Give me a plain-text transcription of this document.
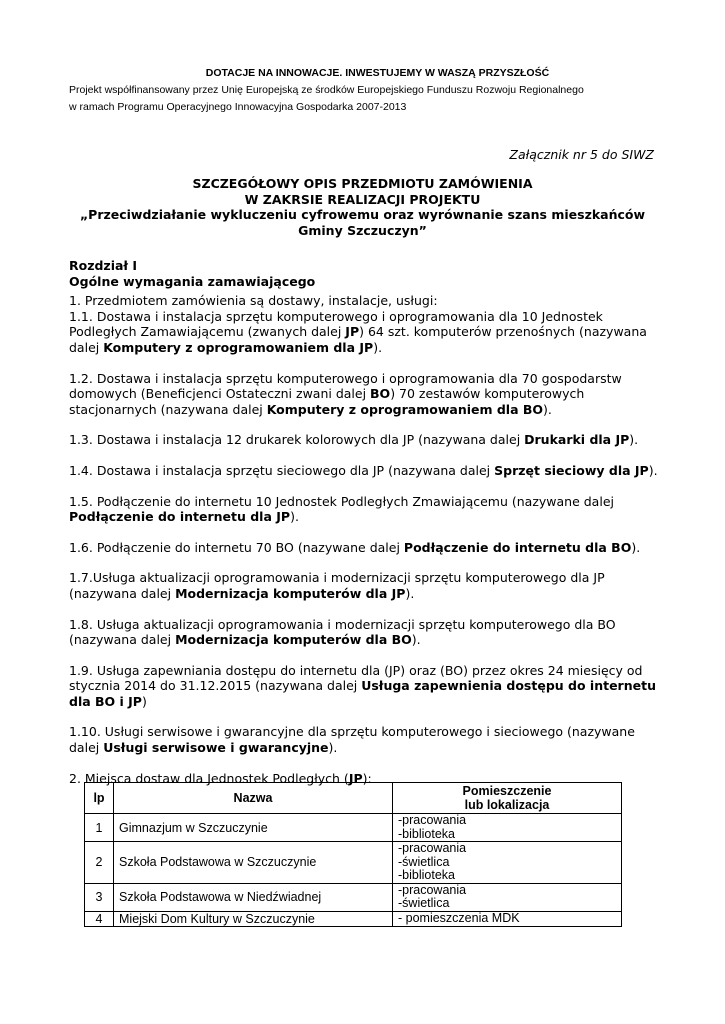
DOTACJE NA INNOWACJE. INWESTUJEMY W WASZĄ PRZYSZŁOŚĆ
Projekt współfinansowany przez Unię Europejską ze środków Europejskiego Funduszu Rozwoju Regionalnego
w ramach Programu Operacyjnego Innowacyjna Gospodarka 2007-2013
Załącznik nr 5 do SIWZ
SZCZEGÓŁOWY OPIS PRZEDMIOTU ZAMÓWIENIA
W ZAKRSIE REALIZACJI PROJEKTU
„Przeciwdziałanie wykluczeniu cyfrowemu oraz wyrównanie szans mieszkańców
Gminy Szczuczyn”

Rozdział I

Ogólne wymagania zamawiającego

1. Przedmiotem zamówienia są dostawy, instalacje, usługi:

1.1. Dostawa i instalacja sprzętu komputerowego i oprogramowania dla 10 Jednostek Podległych Zamawiającemu (zwanych dalej JP) 64 szt. komputerów przenośnych (nazywana dalej Komputery z oprogramowaniem dla JP).

1.2. Dostawa i instalacja sprzętu komputerowego i oprogramowania dla 70 gospodarstw domowych (Beneficjenci Ostateczni zwani dalej BO) 70 zestawów komputerowych stacjonarnych (nazywana dalej Komputery z oprogramowaniem dla BO).

1.3. Dostawa i instalacja 12 drukarek kolorowych dla JP (nazywana dalej Drukarki dla JP).

1.4. Dostawa i instalacja sprzętu sieciowego dla JP (nazywana dalej Sprzęt sieciowy dla JP).

1.5. Podłączenie do internetu 10 Jednostek Podległych Zmawiającemu (nazywane dalej Podłączenie do internetu dla JP).

1.6. Podłączenie do internetu 70 BO (nazywane dalej Podłączenie do internetu dla BO).

1.7.Usługa aktualizacji oprogramowania i modernizacji sprzętu komputerowego dla JP (nazywana dalej Modernizacja komputerów dla JP).

1.8. Usługa aktualizacji oprogramowania i modernizacji sprzętu komputerowego dla BO (nazywana dalej Modernizacja komputerów dla BO).

1.9. Usługa zapewniania dostępu do internetu dla (JP) oraz (BO) przez okres 24 miesięcy od stycznia 2014 do 31.12.2015 (nazywana dalej Usługa zapewnienia dostępu do internetu dla BO i JP)

1.10. Usługi serwisowe i gwarancyjne dla sprzętu komputerowego i sieciowego (nazywane dalej Usługi serwisowe i gwarancyjne).

2. Miejsca dostaw dla Jednostek Podległych (JP):

lp	Nazwa	Pomieszczenie
lub lokalizacja

1	Gimnazjum w Szczuczynie	-pracowania
-biblioteka

2	Szkoła Podstawowa w Szczuczynie	-pracowania
-świetlica
-biblioteka

3	Szkoła Podstawowa w Niedźwiadnej	-pracowania
-świetlica

4	Miejski Dom Kultury w Szczuczynie	- pomieszczenia MDK
